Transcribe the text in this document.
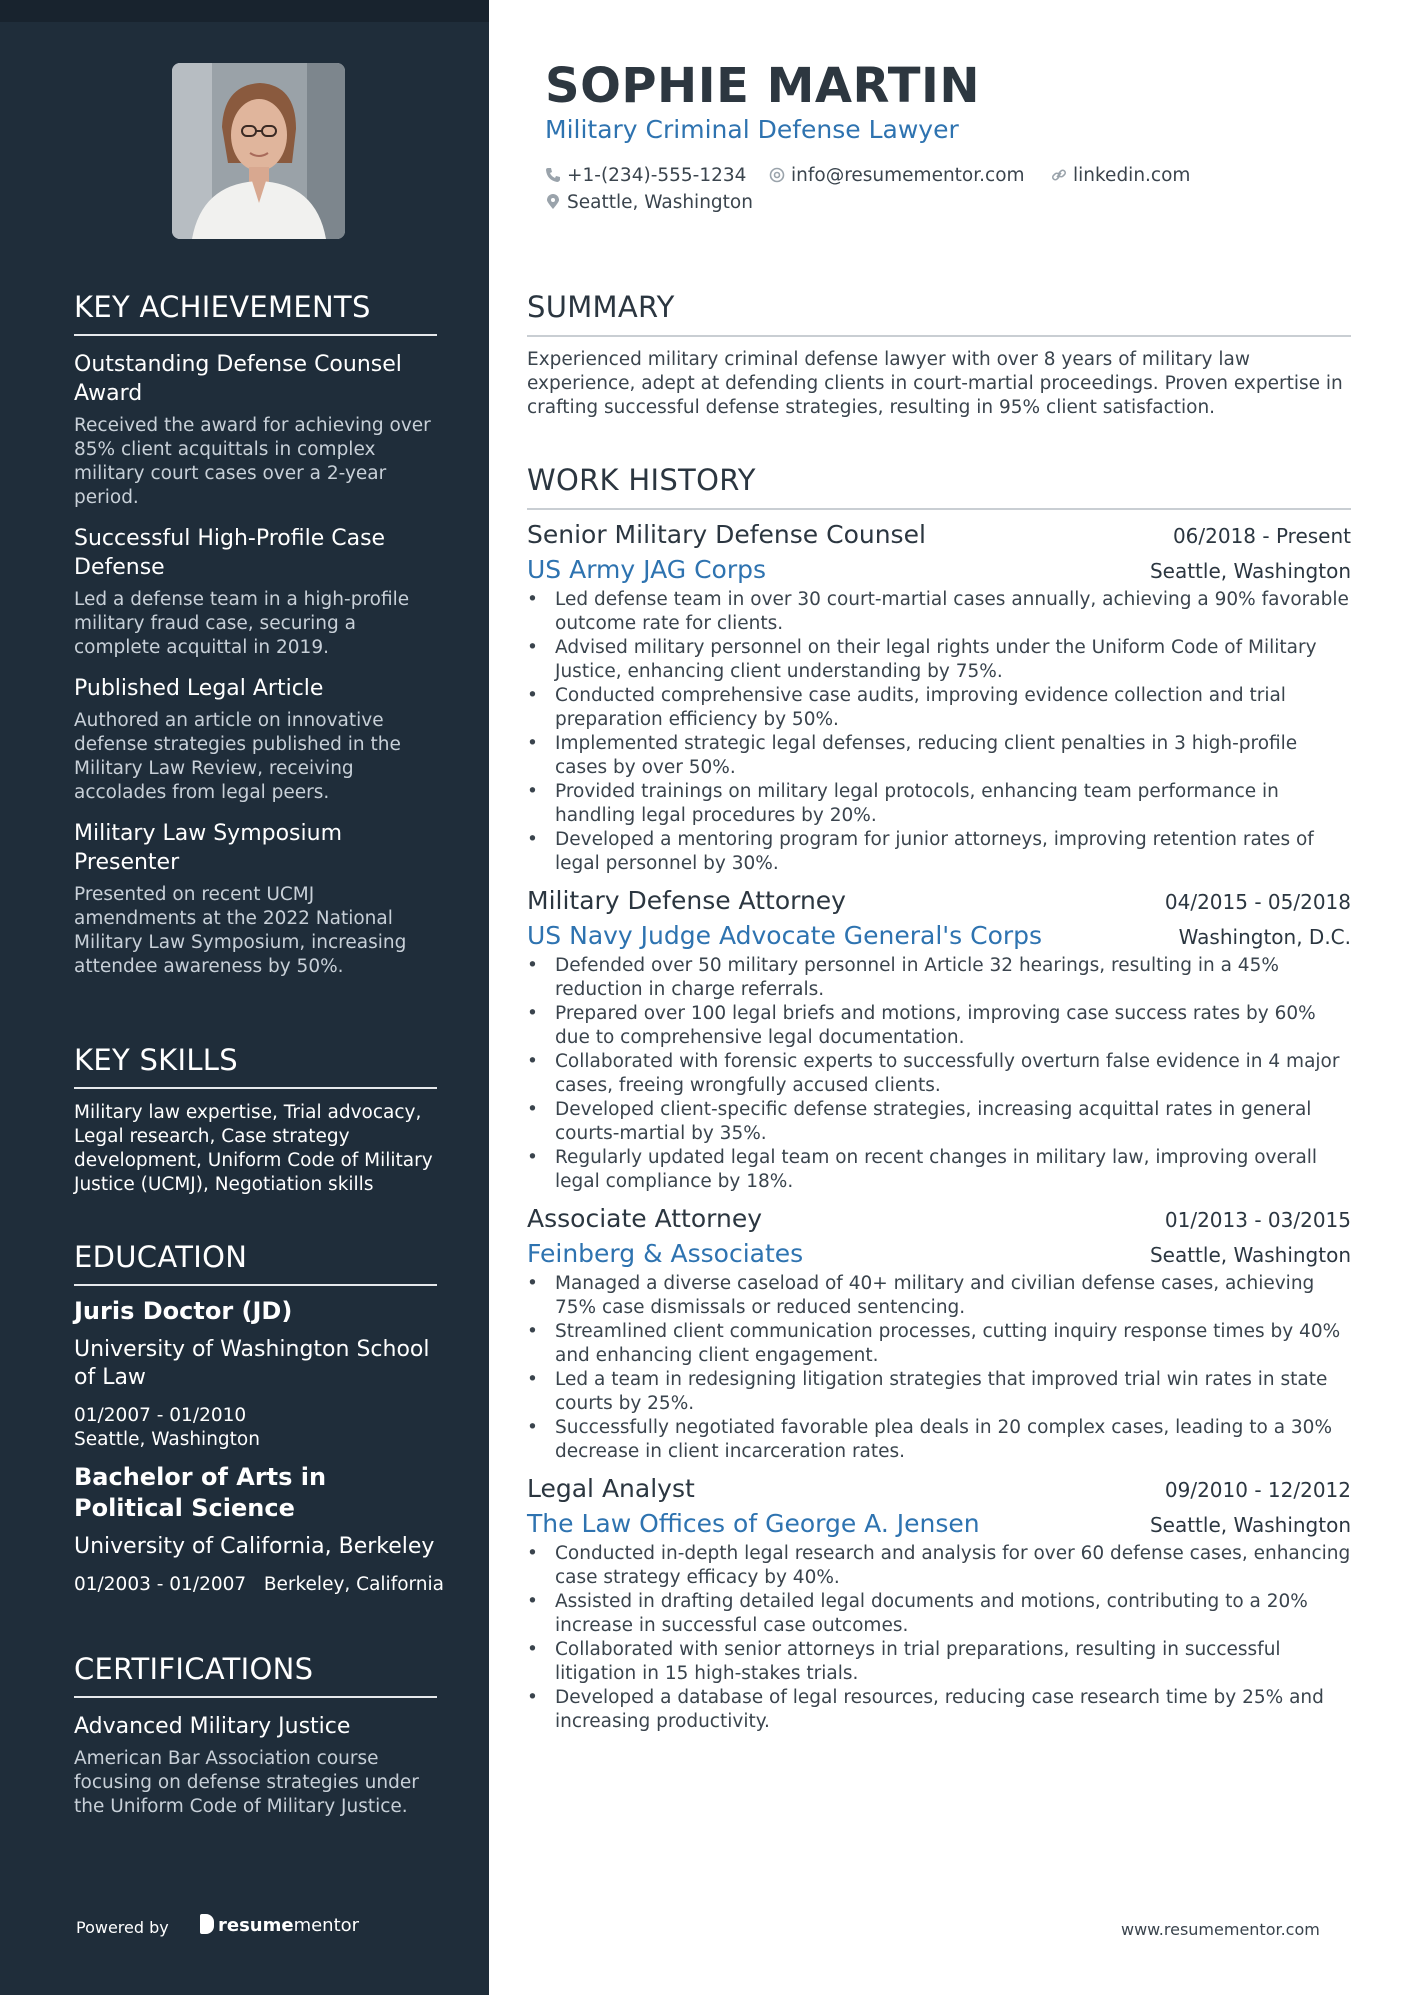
KEY ACHIEVEMENTS
Outstanding Defense Counsel Award
Received the award for achieving over 85% client acquittals in complex military court cases over a 2-year period.
Successful High-Profile Case Defense
Led a defense team in a high-profile military fraud case, securing a complete acquittal in 2019.
Published Legal Article
Authored an article on innovative defense strategies published in the Military Law Review, receiving accolades from legal peers.
Military Law Symposium Presenter
Presented on recent UCMJ amendments at the 2022 National Military Law Symposium, increasing attendee awareness by 50%.
KEY SKILLS
Military law expertise, Trial advocacy, Legal research, Case strategy development, Uniform Code of Military Justice (UCMJ), Negotiation skills
EDUCATION
Juris Doctor (JD)
University of Washington School of Law
01/2007 - 01/2010
Seattle, Washington
Bachelor of Arts in Political Science
University of California, Berkeley
01/2003 - 01/2007 Berkeley, California
CERTIFICATIONS
Advanced Military Justice
American Bar Association course focusing on defense strategies under the Uniform Code of Military Justice.
Powered by	resumementor
SOPHIE MARTIN
Military Criminal Defense Lawyer
+1-(234)-555-1234	info@resumementor.com	linkedin.com
Seattle, Washington
SUMMARY
Experienced military criminal defense lawyer with over 8 years of military law experience, adept at defending clients in court-martial proceedings. Proven expertise in crafting successful defense strategies, resulting in 95% client satisfaction.
WORK HISTORY
Senior Military Defense Counsel	06/2018 - Present
US Army JAG Corps	Seattle, Washington
• Led defense team in over 30 court-martial cases annually, achieving a 90% favorable outcome rate for clients.
• Advised military personnel on their legal rights under the Uniform Code of Military Justice, enhancing client understanding by 75%.
• Conducted comprehensive case audits, improving evidence collection and trial preparation efficiency by 50%.
• Implemented strategic legal defenses, reducing client penalties in 3 high-profile cases by over 50%.
• Provided trainings on military legal protocols, enhancing team performance in handling legal procedures by 20%.
• Developed a mentoring program for junior attorneys, improving retention rates of legal personnel by 30%.
Military Defense Attorney	04/2015 - 05/2018
US Navy Judge Advocate General's Corps	Washington, D.C.
• Defended over 50 military personnel in Article 32 hearings, resulting in a 45% reduction in charge referrals.
• Prepared over 100 legal briefs and motions, improving case success rates by 60% due to comprehensive legal documentation.
• Collaborated with forensic experts to successfully overturn false evidence in 4 major cases, freeing wrongfully accused clients.
• Developed client-specific defense strategies, increasing acquittal rates in general courts-martial by 35%.
• Regularly updated legal team on recent changes in military law, improving overall legal compliance by 18%.
Associate Attorney	01/2013 - 03/2015
Feinberg & Associates	Seattle, Washington
• Managed a diverse caseload of 40+ military and civilian defense cases, achieving 75% case dismissals or reduced sentencing.
• Streamlined client communication processes, cutting inquiry response times by 40% and enhancing client engagement.
• Led a team in redesigning litigation strategies that improved trial win rates in state courts by 25%.
• Successfully negotiated favorable plea deals in 20 complex cases, leading to a 30% decrease in client incarceration rates.
Legal Analyst	09/2010 - 12/2012
The Law Offices of George A. Jensen	Seattle, Washington
• Conducted in-depth legal research and analysis for over 60 defense cases, enhancing case strategy efficacy by 40%.
• Assisted in drafting detailed legal documents and motions, contributing to a 20% increase in successful case outcomes.
• Collaborated with senior attorneys in trial preparations, resulting in successful litigation in 15 high-stakes trials.
• Developed a database of legal resources, reducing case research time by 25% and increasing productivity.
www.resumementor.com
